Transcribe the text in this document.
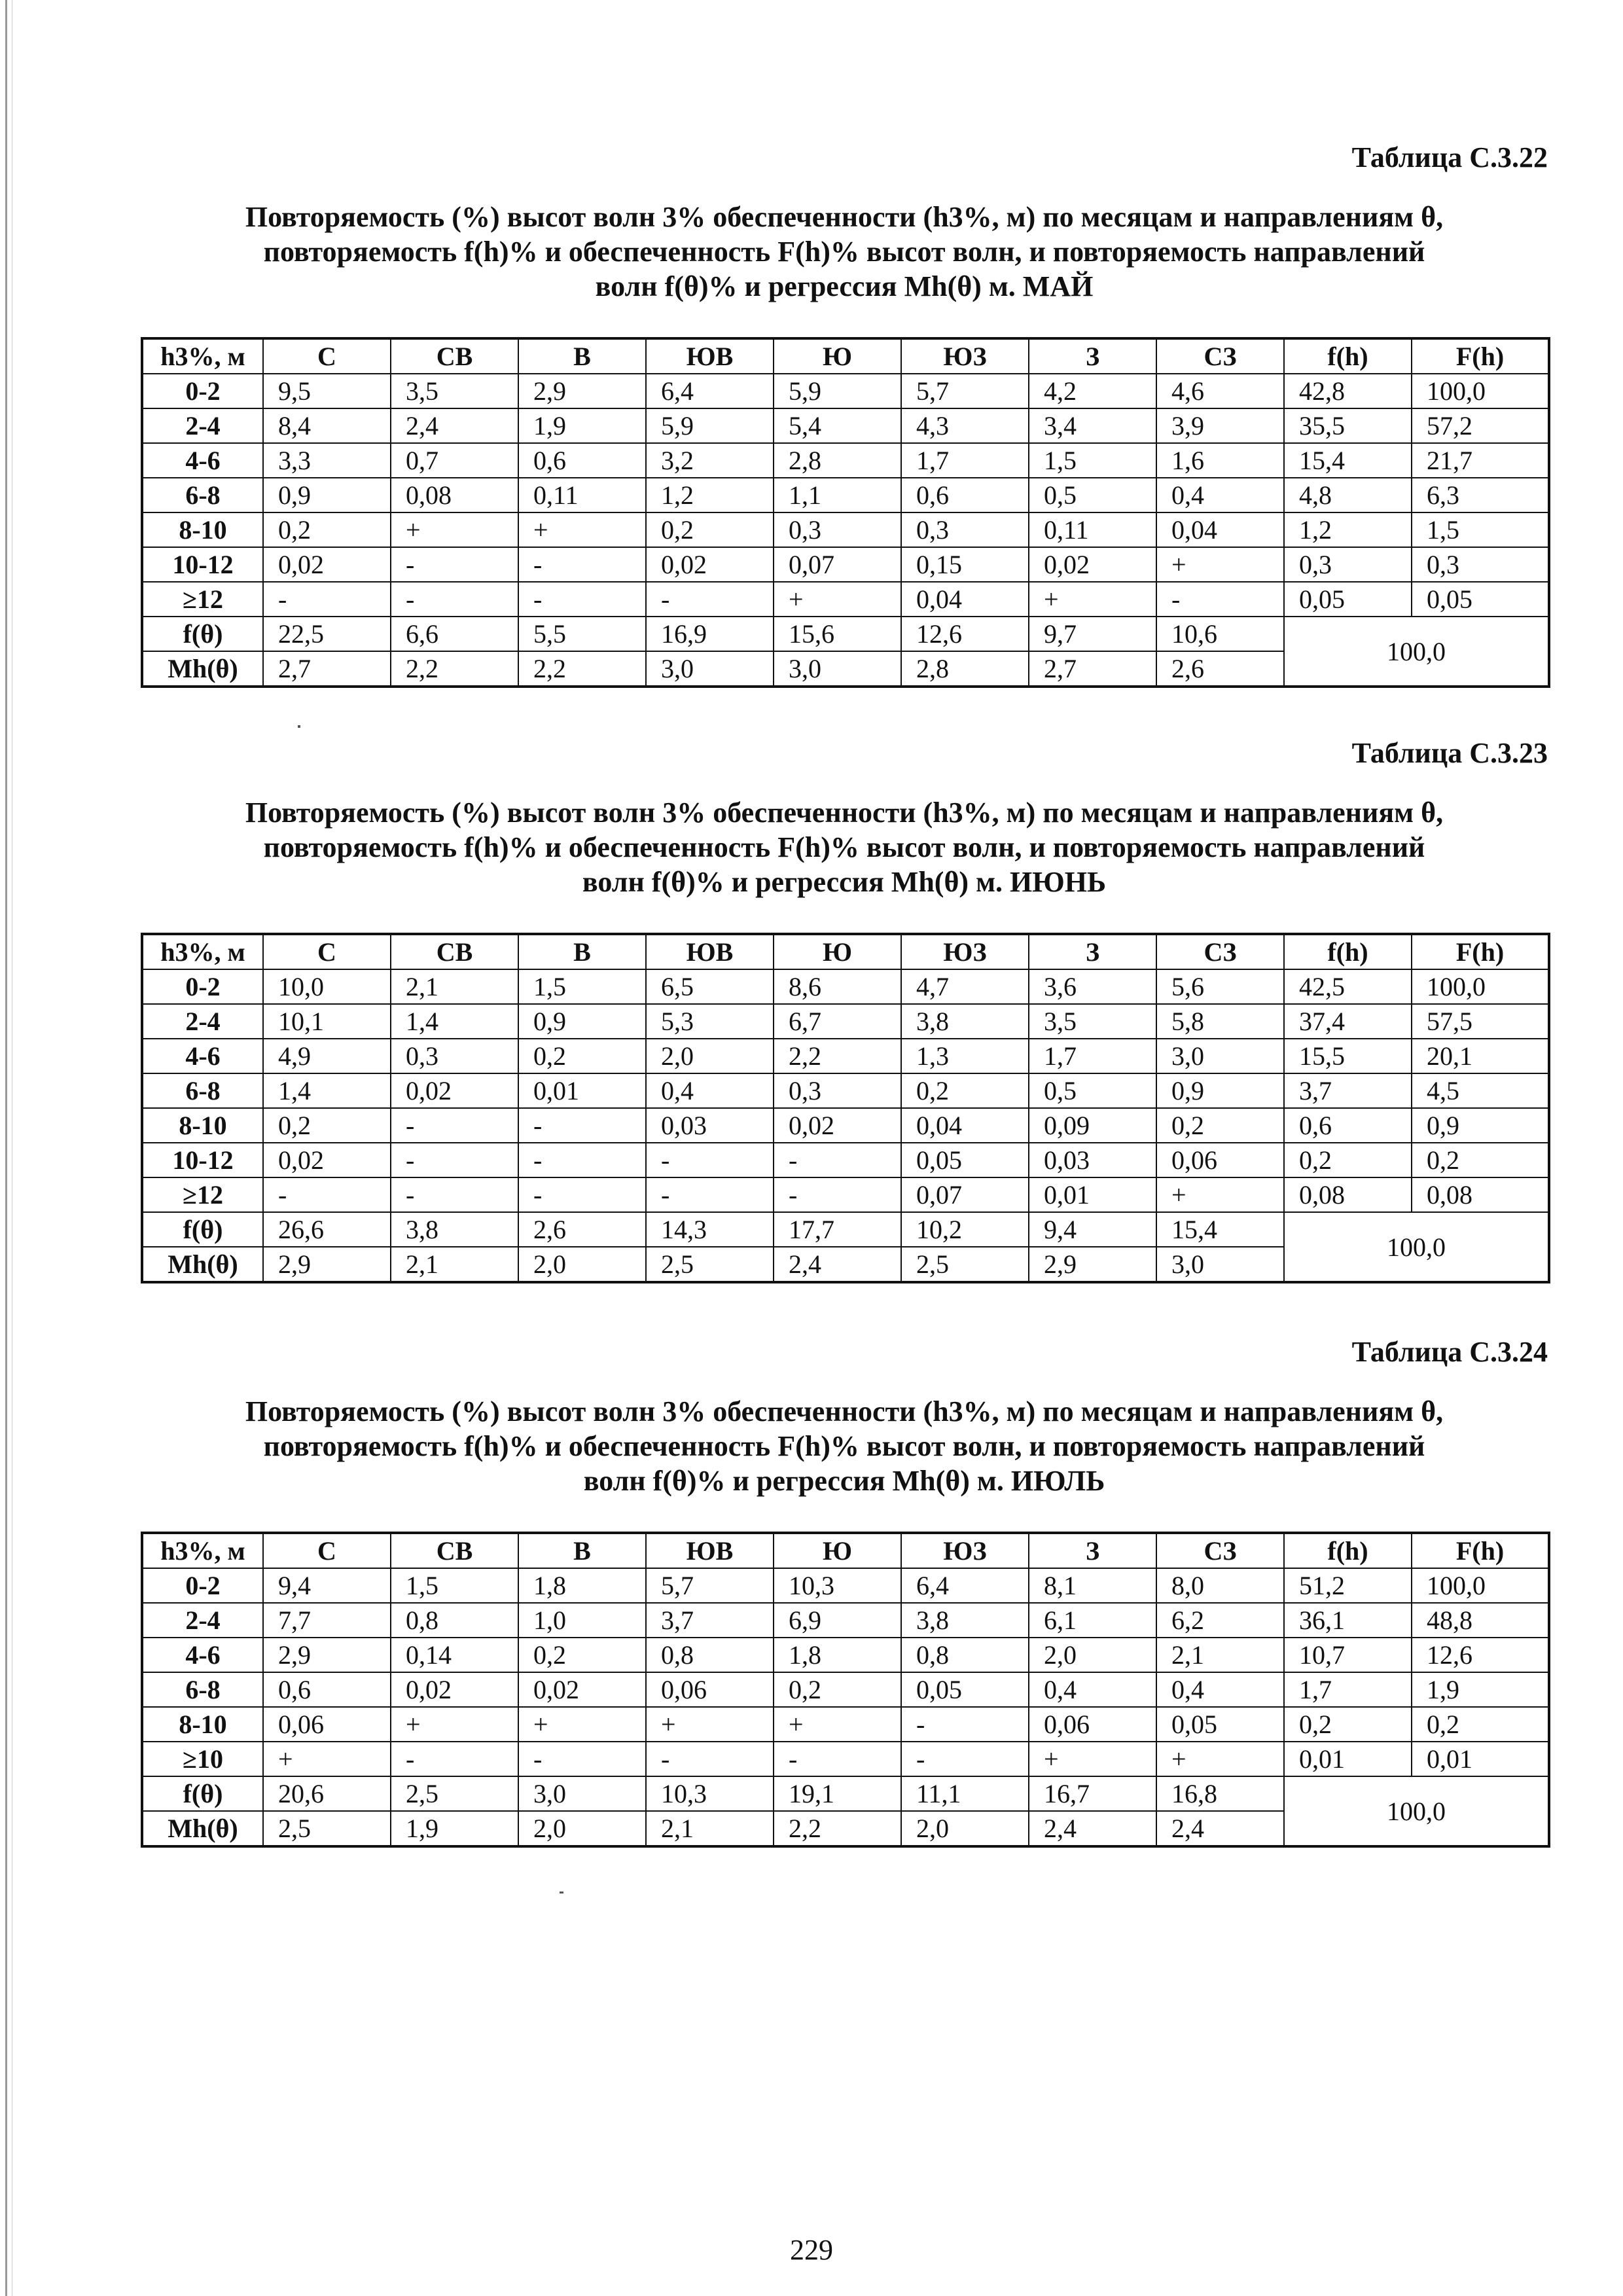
Таблица С.3.22
Повторяемость (%) высот волн 3% обеспеченности (h3%, м) по месяцам и направлениям θ,
повторяемость f(h)% и обеспеченность F(h)% высот волн, и повторяемость направлений
волн f(θ)% и регрессия Mh(θ) м. МАЙ
h3%, м	С	СВ	В	ЮВ	Ю	ЮЗ	З	СЗ	f(h)	F(h)
0-2	9,5	3,5	2,9	6,4	5,9	5,7	4,2	4,6	42,8	100,0
2-4	8,4	2,4	1,9	5,9	5,4	4,3	3,4	3,9	35,5	57,2
4-6	3,3	0,7	0,6	3,2	2,8	1,7	1,5	1,6	15,4	21,7
6-8	0,9	0,08	0,11	1,2	1,1	0,6	0,5	0,4	4,8	6,3
8-10	0,2	+	+	0,2	0,3	0,3	0,11	0,04	1,2	1,5
10-12	0,02	-	-	0,02	0,07	0,15	0,02	+	0,3	0,3
≥12	-	-	-	-	+	0,04	+	-	0,05	0,05
f(θ)	22,5	6,6	5,5	16,9	15,6	12,6	9,7	10,6	100,0	
Mh(θ)	2,7	2,2	2,2	3,0	3,0	2,8	2,7	2,6		
Таблица С.3.23
Повторяемость (%) высот волн 3% обеспеченности (h3%, м) по месяцам и направлениям θ,
повторяемость f(h)% и обеспеченность F(h)% высот волн, и повторяемость направлений
волн f(θ)% и регрессия Mh(θ) м. ИЮНЬ
h3%, м	С	СВ	В	ЮВ	Ю	ЮЗ	З	СЗ	f(h)	F(h)
0-2	10,0	2,1	1,5	6,5	8,6	4,7	3,6	5,6	42,5	100,0
2-4	10,1	1,4	0,9	5,3	6,7	3,8	3,5	5,8	37,4	57,5
4-6	4,9	0,3	0,2	2,0	2,2	1,3	1,7	3,0	15,5	20,1
6-8	1,4	0,02	0,01	0,4	0,3	0,2	0,5	0,9	3,7	4,5
8-10	0,2	-	-	0,03	0,02	0,04	0,09	0,2	0,6	0,9
10-12	0,02	-	-	-	-	0,05	0,03	0,06	0,2	0,2
≥12	-	-	-	-	-	0,07	0,01	+	0,08	0,08
f(θ)	26,6	3,8	2,6	14,3	17,7	10,2	9,4	15,4	100,0	
Mh(θ)	2,9	2,1	2,0	2,5	2,4	2,5	2,9	3,0		
Таблица С.3.24
Повторяемость (%) высот волн 3% обеспеченности (h3%, м) по месяцам и направлениям θ,
повторяемость f(h)% и обеспеченность F(h)% высот волн, и повторяемость направлений
волн f(θ)% и регрессия Mh(θ) м. ИЮЛЬ
h3%, м	С	СВ	В	ЮВ	Ю	ЮЗ	З	СЗ	f(h)	F(h)
0-2	9,4	1,5	1,8	5,7	10,3	6,4	8,1	8,0	51,2	100,0
2-4	7,7	0,8	1,0	3,7	6,9	3,8	6,1	6,2	36,1	48,8
4-6	2,9	0,14	0,2	0,8	1,8	0,8	2,0	2,1	10,7	12,6
6-8	0,6	0,02	0,02	0,06	0,2	0,05	0,4	0,4	1,7	1,9
8-10	0,06	+	+	+	+	-	0,06	0,05	0,2	0,2
≥10	+	-	-	-	-	-	+	+	0,01	0,01
f(θ)	20,6	2,5	3,0	10,3	19,1	11,1	16,7	16,8	100,0	
Mh(θ)	2,5	1,9	2,0	2,1	2,2	2,0	2,4	2,4		
229
